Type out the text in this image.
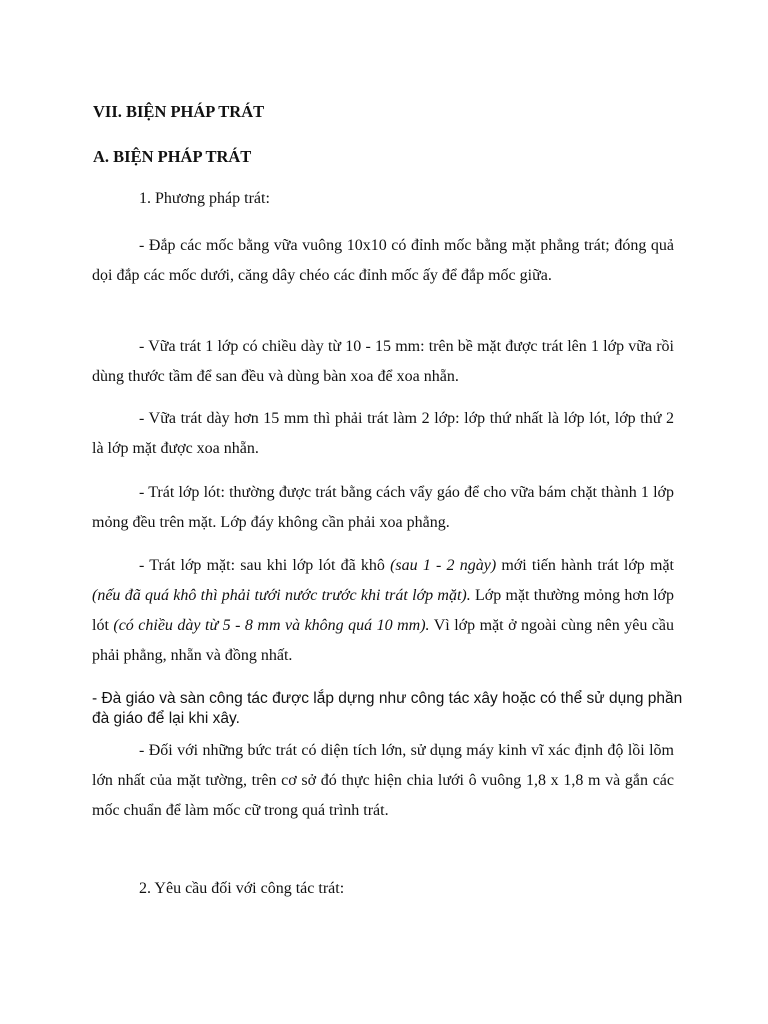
VII. BIỆN PHÁP TRÁT

A. BIỆN PHÁP TRÁT

1. Phương pháp trát:

- Đắp các mốc bằng vữa vuông 10x10 có đỉnh mốc bằng mặt phẳng trát; đóng quả dọi đắp các mốc dưới, căng dây chéo các đỉnh mốc ấy để đắp mốc giữa.

- Vữa trát 1 lớp có chiều dày từ 10 - 15 mm: trên bề mặt được trát lên 1 lớp vữa rồi dùng thước tầm để san đều và dùng bàn xoa để xoa nhẵn.

- Vữa trát dày hơn 15 mm thì phải trát làm 2 lớp: lớp thứ nhất là lớp lót, lớp thứ 2 là lớp mặt được xoa nhẵn.

- Trát lớp lót: thường được trát bằng cách vẩy gáo để cho vữa bám chặt thành 1 lớp mỏng đều trên mặt. Lớp đáy không cần phải xoa phẳng.

- Trát lớp mặt: sau khi lớp lót đã khô (sau 1 - 2 ngày) mới tiến hành trát lớp mặt (nếu đã quá khô thì phải tưới nước trước khi trát lớp mặt). Lớp mặt thường mỏng hơn lớp lót (có chiều dày từ 5 - 8 mm và không quá 10 mm). Vì lớp mặt ở ngoài cùng nên yêu cầu phải phẳng, nhẵn và đồng nhất.

- Đà giáo và sàn công tác được lắp dựng như công tác xây hoặc có thể sử dụng phần đà giáo để lại khi xây.

- Đối với những bức trát có diện tích lớn, sử dụng máy kinh vĩ xác định độ lồi lõm lớn nhất của mặt tường, trên cơ sở đó thực hiện chia lưới ô vuông 1,8 x 1,8 m và gắn các mốc chuẩn để làm mốc cữ trong quá trình trát.

2. Yêu cầu đối với công tác trát:
